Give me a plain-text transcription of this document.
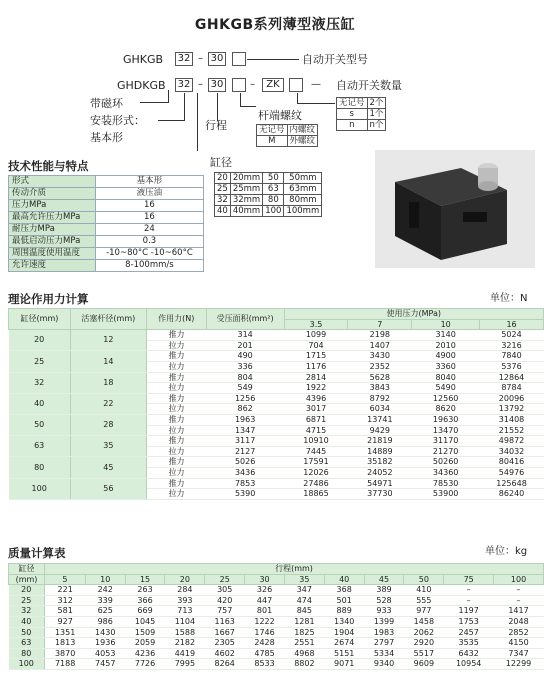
GHKGB系列薄型液压缸
GHKGB 32 – 30	自动开关型号
GHDKGB 32 – 30	–	ZK	— 自动开关数量
带磁环
安装形式：
基本形
行程
杆端螺纹
缸径
无记号	2个
s	1个
n	n个
无记号	内螺纹
M	外螺纹
20	20mm	50	50mm
25	25mm	63	63mm
32	32mm	80	80mm
40	40mm	100	100mm
技术性能与特点
形式	基本形
传动介质	液压油
压力MPa	16
最高允许压力MPa	16
耐压力MPa	24
最低启动压力MPa	0.3
周围温度使用温度	-10~80°C -10~60°C
允许速度	8-100mm/s
理论作用力计算	单位：N
缸径(mm)	活塞杆径(mm)	作用力(N)	受压面积(mm²)	使用压力(MPa)			
				3.5	7	10	16
20	12	推力	314	1099	2198	3140	5024
		拉力	201	704	1407	2010	3216
25	14	推力	490	1715	3430	4900	7840
		拉力	336	1176	2352	3360	5376
32	18	推力	804	2814	5628	8040	12864
		拉力	549	1922	3843	5490	8784
40	22	推力	1256	4396	8792	12560	20096
		拉力	862	3017	6034	8620	13792
50	28	推力	1963	6871	13741	19630	31408
		拉力	1347	4715	9429	13470	21552
63	35	推力	3117	10910	21819	31170	49872
		拉力	2127	7445	14889	21270	34032
80	45	推力	5026	17591	35182	50260	80416
		拉力	3436	12026	24052	34360	54976
100	56	推力	7853	27486	54971	78530	125648
		拉力	5390	18865	37730	53900	86240
质量计算表	单位：kg
缸径	行程(mm)											
(mm)	5	10	15	20	25	30	35	40	45	50	75	100
20	221	242	263	284	305	326	347	368	389	410	–	–
25	312	339	366	393	420	447	474	501	528	555	–	–
32	581	625	669	713	757	801	845	889	933	977	1197	1417
40	927	986	1045	1104	1163	1222	1281	1340	1399	1458	1753	2048
50	1351	1430	1509	1588	1667	1746	1825	1904	1983	2062	2457	2852
63	1813	1936	2059	2182	2305	2428	2551	2674	2797	2920	3535	4150
80	3870	4053	4236	4419	4602	4785	4968	5151	5334	5517	6432	7347
100	7188	7457	7726	7995	8264	8533	8802	9071	9340	9609	10954	12299
